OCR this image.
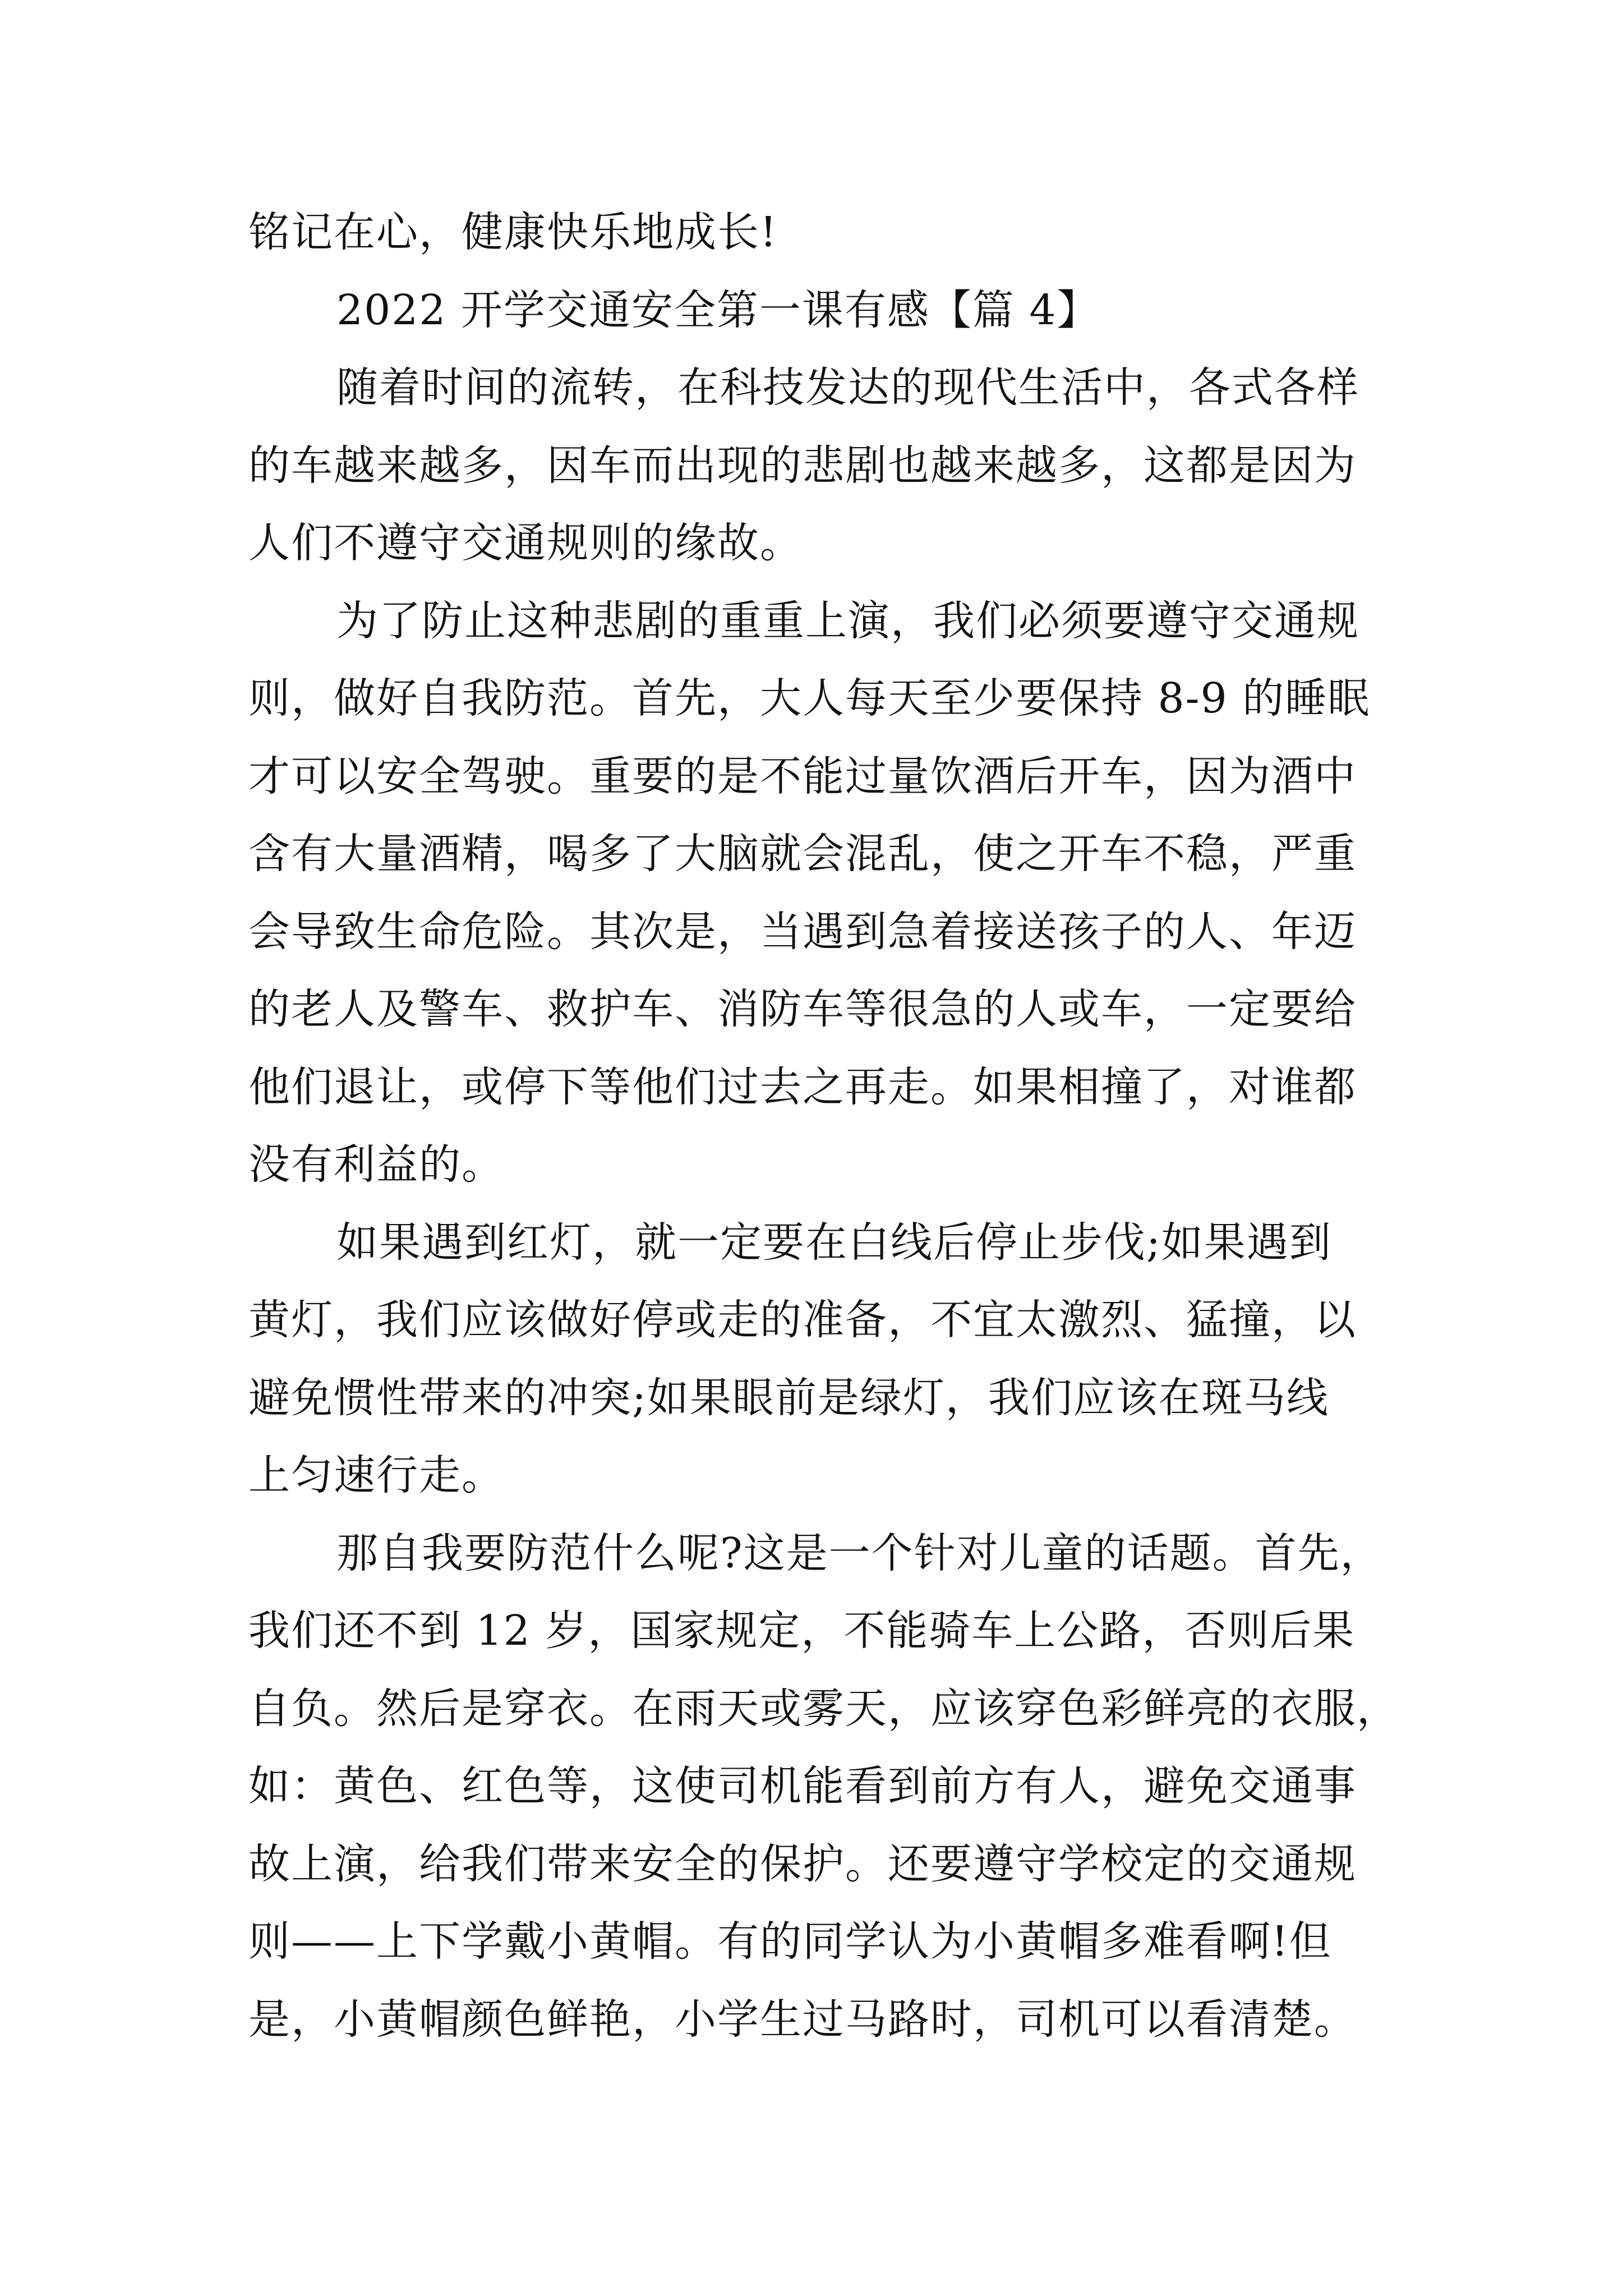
铭记在心，健康快乐地成长!

2022 开学交通安全第一课有感【篇 4】

随着时间的流转，在科技发达的现代生活中，各式各样

的车越来越多，因车而出现的悲剧也越来越多，这都是因为

人们不遵守交通规则的缘故。

为了防止这种悲剧的重重上演，我们必须要遵守交通规

则，做好自我防范。首先，大人每天至少要保持 8-9 的睡眠

才可以安全驾驶。重要的是不能过量饮酒后开车，因为酒中

含有大量酒精，喝多了大脑就会混乱，使之开车不稳，严重

会导致生命危险。其次是，当遇到急着接送孩子的人、年迈

的老人及警车、救护车、消防车等很急的人或车，一定要给

他们退让，或停下等他们过去之再走。如果相撞了，对谁都

没有利益的。

如果遇到红灯，就一定要在白线后停止步伐;如果遇到

黄灯，我们应该做好停或走的准备，不宜太激烈、猛撞，以

避免惯性带来的冲突;如果眼前是绿灯，我们应该在斑马线

上匀速行走。

那自我要防范什么呢?这是一个针对儿童的话题。首先，

我们还不到 12 岁，国家规定，不能骑车上公路，否则后果

自负。然后是穿衣。在雨天或雾天，应该穿色彩鲜亮的衣服，

如：黄色、红色等，这使司机能看到前方有人，避免交通事

故上演，给我们带来安全的保护。还要遵守学校定的交通规

则——上下学戴小黄帽。有的同学认为小黄帽多难看啊!但

是，小黄帽颜色鲜艳，小学生过马路时，司机可以看清楚。
